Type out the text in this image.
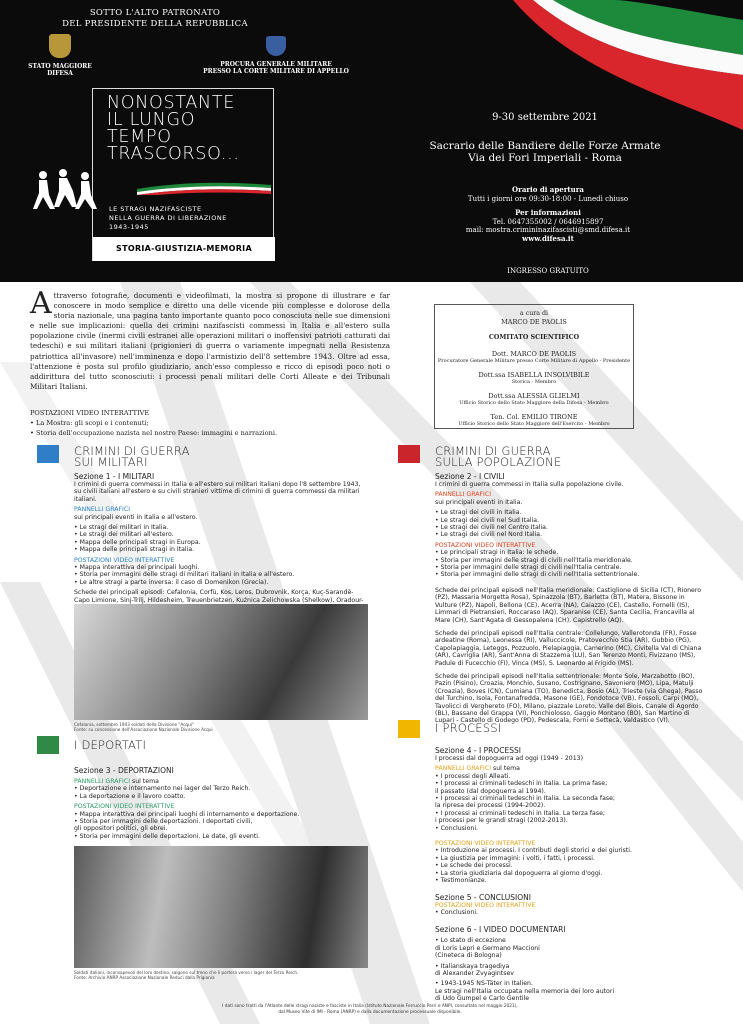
SOTTO L'ALTO PATRONATO
DEL PRESIDENTE DELLA REPUBBLICA
STATO MAGGIORE DIFESA
PROCURA GENERALE MILITARE
PRESSO LA CORTE MILITARE DI APPELLO
NONOSTANTE
IL LUNGO
TEMPO
TRASCORSO...
LE STRAGI NAZIFASCISTE
NELLA GUERRA DI LIBERAZIONE
1943-1945
STORIA-GIUSTIZIA-MEMORIA
9-30 settembre 2021
Sacrario delle Bandiere delle Forze Armate
Via dei Fori Imperiali - Roma
Orario di apertura
Tutti i giorni ore 09:30-18:00 - Lunedì chiuso
Per informazioni
Tel. 0647355002 / 0646915897
mail: mostra.crimininazifascisti@smd.difesa.it
www.difesa.it
INGRESSO GRATUITO
Attraverso fotografie, documenti e videofilmati, la mostra si propone di illustrare e far conoscere in modo semplice e diretto una delle vicende più complesse e dolorose della storia nazionale, una pagina tanto importante quanto poco conosciuta nelle sue dimensioni e nelle sue implicazioni: quella dei crimini nazifascisti commessi in Italia e all'estero sulla popolazione civile (inermi civili estranei alle operazioni militari o inoffensivi patrioti catturati dai tedeschi) e sui militari italiani (prigionieri di guerra o variamente impegnati nella Resistenza patriottica all'invasore) nell'imminenza e dopo l'armistizio dell'8 settembre 1943. Oltre ad essa, l'attenzione è posta sul profilo giudiziario, anch'esso complesso e ricco di episodi poco noti o addirittura del tutto sconosciuti: i processi penali militari delle Corti Alleate e dei Tribunali Militari Italiani.
POSTAZIONI VIDEO INTERATTIVE
• La Mostra: gli scopi e i contenuti;
• Storia dell'occupazione nazista nel nostro Paese: immagini e narrazioni.
a cura di
MARCO DE PAOLIS
COMITATO SCIENTIFICO
Dott. MARCO DE PAOLIS
Procuratore Generale Militare presso Corte Militare di Appello - Presidente
Dott.ssa ISABELLA INSOLVIBILE
Storica - Membro
Dott.ssa ALESSIA GLIELMI
Ufficio Storico dello Stato Maggiore della Difesa - Membro
Ten. Col. EMILIO TIRONE
Ufficio Storico dello Stato Maggiore dell'Esercito - Membro
CRIMINI DI GUERRA
SUI MILITARI
Sezione 1 - I MILITARI
I crimini di guerra commessi in Italia e all'estero sui militari italiani dopo l'8 settembre 1943, su civili italiani all'estero e su civili stranieri vittime di crimini di guerra commessi da militari italiani.
PANNELLI GRAFICI
sui principali eventi in Italia e all'estero.
• Le stragi dei militari in Italia.
• Le stragi dei militari all'estero.
• Mappa delle principali stragi in Europa.
• Mappa delle principali stragi in Italia.
POSTAZIONI VIDEO INTERATTIVE
• Mappa interattiva dei principali luoghi.
• Storia per immagini delle stragi di militari italiani in Italia e all'estero.
• Le altre stragi a parte inversa: il caso di Domenikon (Grecia).
Schede dei principali episodi: Cefalonia, Corfù, Kos, Leros, Dubrovnik, Korça, Kuç-Sarandë-Capo Limione, Sinj-Trilj, Hildesheim, Treuenbrietzen, Kuźnica Żelichowska (Shelkow), Oradour-
Cefalonia, settembre 1943 soldati della Divisione "Acqui"
Fonte: su concessione dell'Associazione Nazionale Divisione Acqui
CRIMINI DI GUERRA
SULLA POPOLAZIONE
Sezione 2 - I CIVILI
I crimini di guerra commessi in Italia sulla popolazione civile.
PANNELLI GRAFICI
sui principali eventi in Italia.
• Le stragi dei civili in Italia.
• Le stragi dei civili nel Sud Italia.
• Le stragi dei civili nel Centro Italia.
• Le stragi dei civili nel Nord Italia.
POSTAZIONI VIDEO INTERATTIVE
• Le principali stragi in Italia: le schede.
• Storia per immagini delle stragi di civili nell'Italia meridionale.
• Storia per immagini delle stragi di civili nell'Italia centrale.
• Storia per immagini delle stragi di civili nell'Italia settentrionale.
Schede dei principali episodi nell'Italia meridionale: Castiglione di Sicilia (CT), Rionero (PZ), Massaria Morgetta Rosa), Spinazzola (BT), Barletta (BT), Matera, Bissone in Vulture (PZ), Napoli, Bellona (CE), Acerra (NA), Caiazzo (CE), Castello, Fornelli (IS), Limmari di Pietransieri, Roccaraso (AQ), Sparanise (CE), Santa Cecilia, Francavilla al Mare (CH), Sant'Agata di Gessopalena (CH), Capistrello (AQ).
Schede dei principali episodi nell'Italia centrale: Collelungo, Vallerotonda (FR), Fosse ardeatine (Roma), Leonessa (RI), Valluccicole, Pratovecchio Stia (AR), Gubbio (PG), Capolapiaggia, Leteggs, Pozzuolo, Pielapiaggia, Camerino (MC), Civitella Val di Chiana (AR), Cavriglia (AR), Sant'Anna di Stazzema (LU), San Terenzo Monti, Fivizzano (MS), Padule di Fucecchio (FI), Vinca (MS), S. Leonardo al Frigido (MS).
Schede dei principali episodi nell'Italia settentrionale: Monte Sole, Marzabotto (BO), Pazin (Pisino), Croazia, Monchio, Susano, Costrignano, Savoniero (MO), Lipa, Matulji (Croazia), Boves (CN), Cumiana (TO), Benedicta, Bosio (AL), Trieste (via Ghega), Passo del Turchino, Isola, Fontanafredda, Masone (GE), Fondotoce (VB), Fossoli, Carpi (MO), Tavolicci di Verghereto (FO), Milano, piazzale Loreto, Valle del Biois, Canale di Agordo (BL), Bassano del Grappa (VI), Ponchiolosso, Gaggio Montano (BO), San Martino di Lupari - Castello di Godego (PD), Pedescala, Forni e Settecà, Valdastico (VI).
I DEPORTATI
Sezione 3 - DEPORTAZIONI
PANNELLI GRAFICI sul tema
• Deportazione e internamento nei lager del Terzo Reich.
• La deportazione e il lavoro coatto.
POSTAZIONI VIDEO INTERATTIVE
• Mappa interattiva dei principali luoghi di internamento e deportazione.
• Storia per immagini delle deportazioni. I deportati civili,
gli oppositori politici, gli ebrei.
• Storia per immagini delle deportazioni. Le date, gli eventi.
Soldati italiani, inconsapevoli del loro destino, salgono sul treno che li porterà verso i lager del Terzo Reich.
Fonte: Archivio ANRP Associazione Nazionale Reduci dalla Prigionia
I PROCESSI
Sezione 4 - I PROCESSI
I processi dal dopoguerra ad oggi (1949 - 2013)
PANNELLI GRAFICI sul tema
• I processi degli Alleati.
• I processi ai criminali tedeschi in Italia. La prima fase;
il passato (dal dopoguerra al 1994).
• I processi ai criminali tedeschi in Italia. La seconda fase;
la ripresa dei processi (1994-2002).
• I processi ai criminali tedeschi in Italia. La terza fase;
i processi per le grandi stragi (2002-2013).
• Conclusioni.
POSTAZIONI VIDEO INTERATTIVE
• Introduzione ai processi. I contributi degli storici e dei giuristi.
• La giustizia per immagini: i volti, i fatti, i processi.
• Le schede dei processi.
• La storia giudiziaria dal dopoguerra al giorno d'oggi.
• Testimonianze.
Sezione 5 - CONCLUSIONI
POSTAZIONI VIDEO INTERATTIVE
• Conclusioni.
Sezione 6 - I VIDEO DOCUMENTARI
• Lo stato di eccezione
di Loris Lepri e Germano Maccioni
(Cineteca di Bologna)
• Italianskaya tragediya
di Alexander Zvyagintsev
• 1943-1945 NS-Täter in Italien.
Le stragi nell'Italia occupata nella memoria dei loro autori
di Udo Gumpel e Carlo Gentile
I dati sono tratti da l'Atlante delle stragi naziste e fasciste in Italia (Istituto Nazionale Ferruccio Parri e ANPI, consultato nel maggio 2021),
dal Museo Vite di IMI - Roma (ANRP) e dalla documentazione processuale disponibile.
